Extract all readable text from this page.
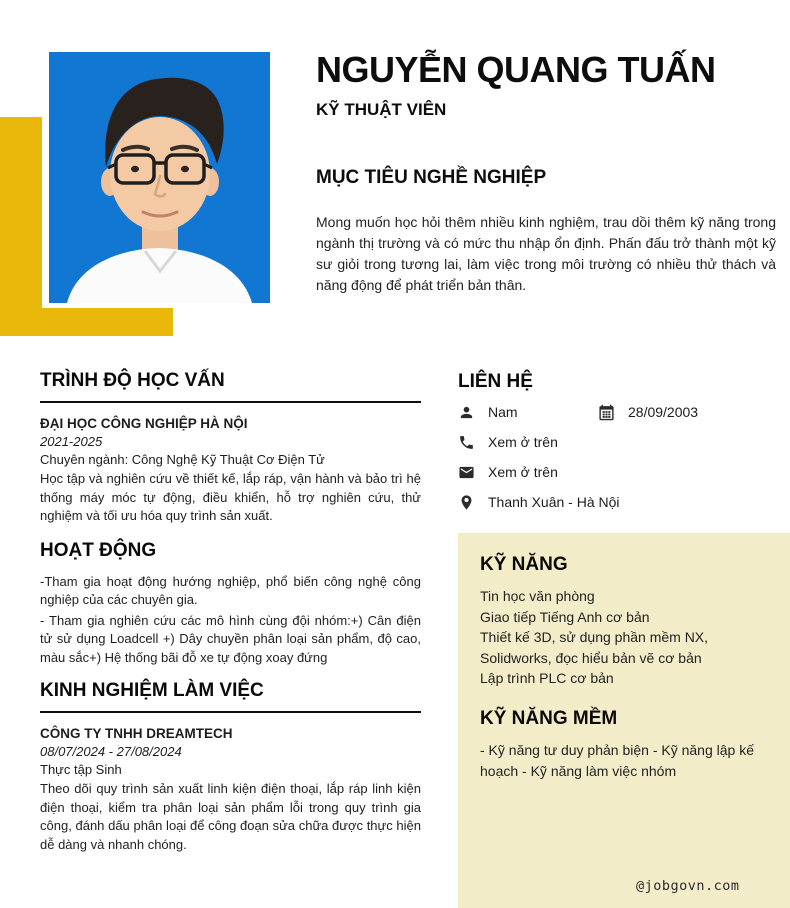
NGUYỄN QUANG TUẤN
KỸ THUẬT VIÊN
MỤC TIÊU NGHỀ NGHIỆP

Mong muốn học hỏi thêm nhiều kinh nghiệm, trau dồi thêm kỹ năng trong ngành thị trường và có mức thu nhập ổn định. Phấn đấu trở thành một kỹ sư giỏi trong tương lai, làm việc trong môi trường có nhiều thử thách và năng động để phát triển bản thân.

TRÌNH ĐỘ HỌC VẤN
ĐẠI HỌC CÔNG NGHIỆP HÀ NỘI
2021-2025
Chuyên ngành: Công Nghệ Kỹ Thuật Cơ Điện Tử

Học tập và nghiên cứu về thiết kế, lắp ráp, vận hành và bảo trì hệ thống máy móc tự động, điều khiển, hỗ trợ nghiên cứu, thử nghiệm và tối ưu hóa quy trình sản xuất.

HOẠT ĐỘNG

-Tham gia hoạt động hướng nghiệp, phổ biến công nghệ công nghiệp của các chuyên gia.

- Tham gia nghiên cứu các mô hình cùng đội nhóm:+) Cân điện tử sử dụng Loadcell +) Dây chuyền phân loại sản phẩm, độ cao, màu sắc+) Hệ thống bãi đỗ xe tự động xoay đứng

KINH NGHIỆM LÀM VIỆC
CÔNG TY TNHH DREAMTECH
08/07/2024 - 27/08/2024
Thực tập Sinh

Theo dõi quy trình sản xuất linh kiện điện thoại, lắp ráp linh kiện điện thoại, kiểm tra phân loại sản phẩm lỗi trong quy trình gia công, đánh dấu phân loại để công đoạn sửa chữa được thực hiện dễ dàng và nhanh chóng.

LIÊN HỆ
Nam	28/09/2003
Xem ở trên
Xem ở trên
Thanh Xuân - Hà Nội
KỸ NĂNG
Tin học văn phòng
Giao tiếp Tiếng Anh cơ bản
Thiết kế 3D, sử dụng phần mềm NX, Solidworks, đọc hiểu bản vẽ cơ bản
Lập trình PLC cơ bản
KỸ NĂNG MỀM

- Kỹ năng tư duy phản biện - Kỹ năng lập kế hoạch - Kỹ năng làm việc nhóm

@jobgovn.com
